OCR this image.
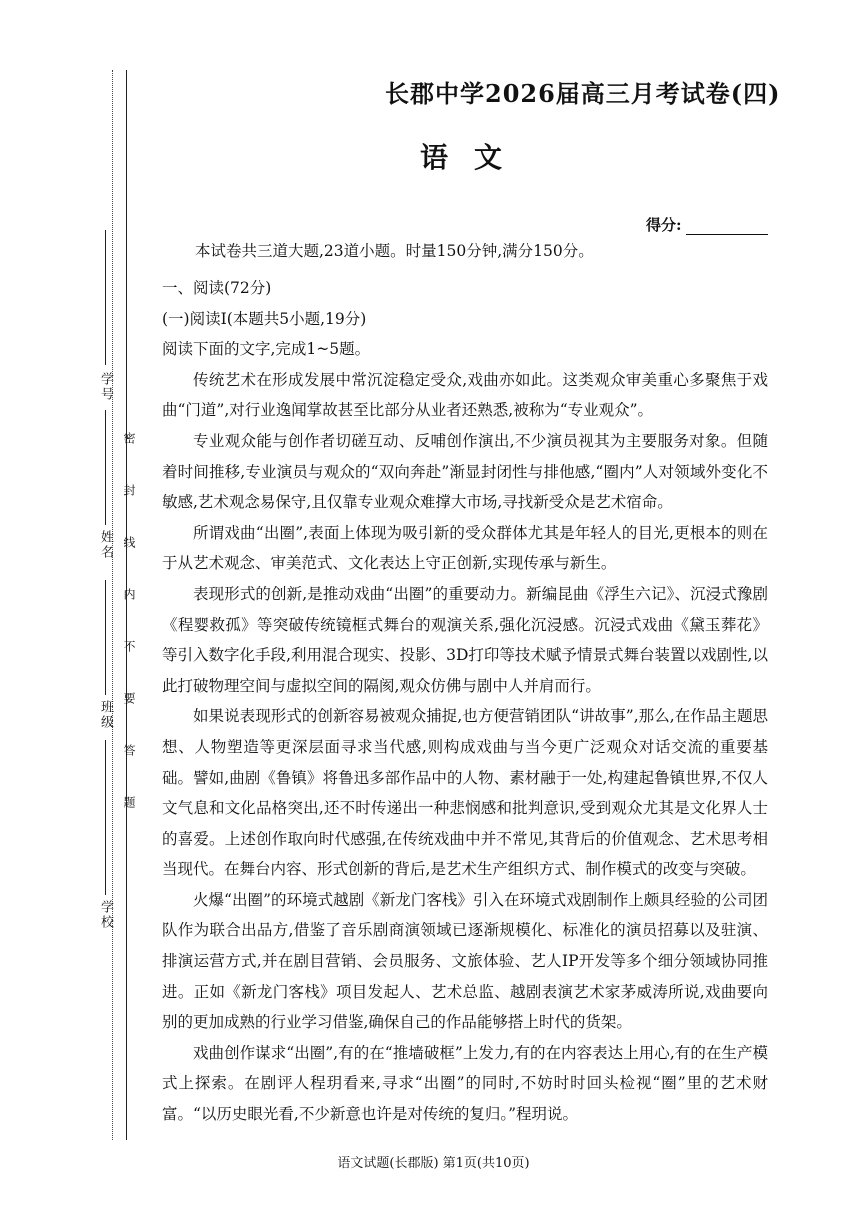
学号
姓名
班级
学校
密封线内不要答题
长郡中学2026届高三月考试卷(四)
语文
得分:
本试卷共三道大题,23道小题。时量150分钟,满分150分。

一、阅读(72分)

(一)阅读Ⅰ(本题共5小题,19分)

阅读下面的文字,完成1~5题。

传统艺术在形成发展中常沉淀稳定受众,戏曲亦如此。这类观众审美重心多聚焦于戏曲“门道”,对行业逸闻掌故甚至比部分从业者还熟悉,被称为“专业观众”。

专业观众能与创作者切磋互动、反哺创作演出,不少演员视其为主要服务对象。但随着时间推移,专业演员与观众的“双向奔赴”渐显封闭性与排他感,“圈内”人对领域外变化不敏感,艺术观念易保守,且仅靠专业观众难撑大市场,寻找新受众是艺术宿命。

所谓戏曲“出圈”,表面上体现为吸引新的受众群体尤其是年轻人的目光,更根本的则在于从艺术观念、审美范式、文化表达上守正创新,实现传承与新生。

表现形式的创新,是推动戏曲“出圈”的重要动力。新编昆曲《浮生六记》、沉浸式豫剧《程婴救孤》等突破传统镜框式舞台的观演关系,强化沉浸感。沉浸式戏曲《黛玉葬花》等引入数字化手段,利用混合现实、投影、3D打印等技术赋予情景式舞台装置以戏剧性,以此打破物理空间与虚拟空间的隔阂,观众仿佛与剧中人并肩而行。

如果说表现形式的创新容易被观众捕捉,也方便营销团队“讲故事”,那么,在作品主题思想、人物塑造等更深层面寻求当代感,则构成戏曲与当今更广泛观众对话交流的重要基础。譬如,曲剧《鲁镇》将鲁迅多部作品中的人物、素材融于一处,构建起鲁镇世界,不仅人文气息和文化品格突出,还不时传递出一种悲悯感和批判意识,受到观众尤其是文化界人士的喜爱。上述创作取向时代感强,在传统戏曲中并不常见,其背后的价值观念、艺术思考相当现代。在舞台内容、形式创新的背后,是艺术生产组织方式、制作模式的改变与突破。

火爆“出圈”的环境式越剧《新龙门客栈》引入在环境式戏剧制作上颇具经验的公司团队作为联合出品方,借鉴了音乐剧商演领域已逐渐规模化、标准化的演员招募以及驻演、排演运营方式,并在剧目营销、会员服务、文旅体验、艺人IP开发等多个细分领域协同推进。正如《新龙门客栈》项目发起人、艺术总监、越剧表演艺术家茅威涛所说,戏曲要向别的更加成熟的行业学习借鉴,确保自己的作品能够搭上时代的货架。

戏曲创作谋求“出圈”,有的在“推墙破框”上发力,有的在内容表达上用心,有的在生产模式上探索。在剧评人程玥看来,寻求“出圈”的同时,不妨时时回头检视“圈”里的艺术财富。“以历史眼光看,不少新意也许是对传统的复归。”程玥说。

语文试题(长郡版) 第1页(共10页)
